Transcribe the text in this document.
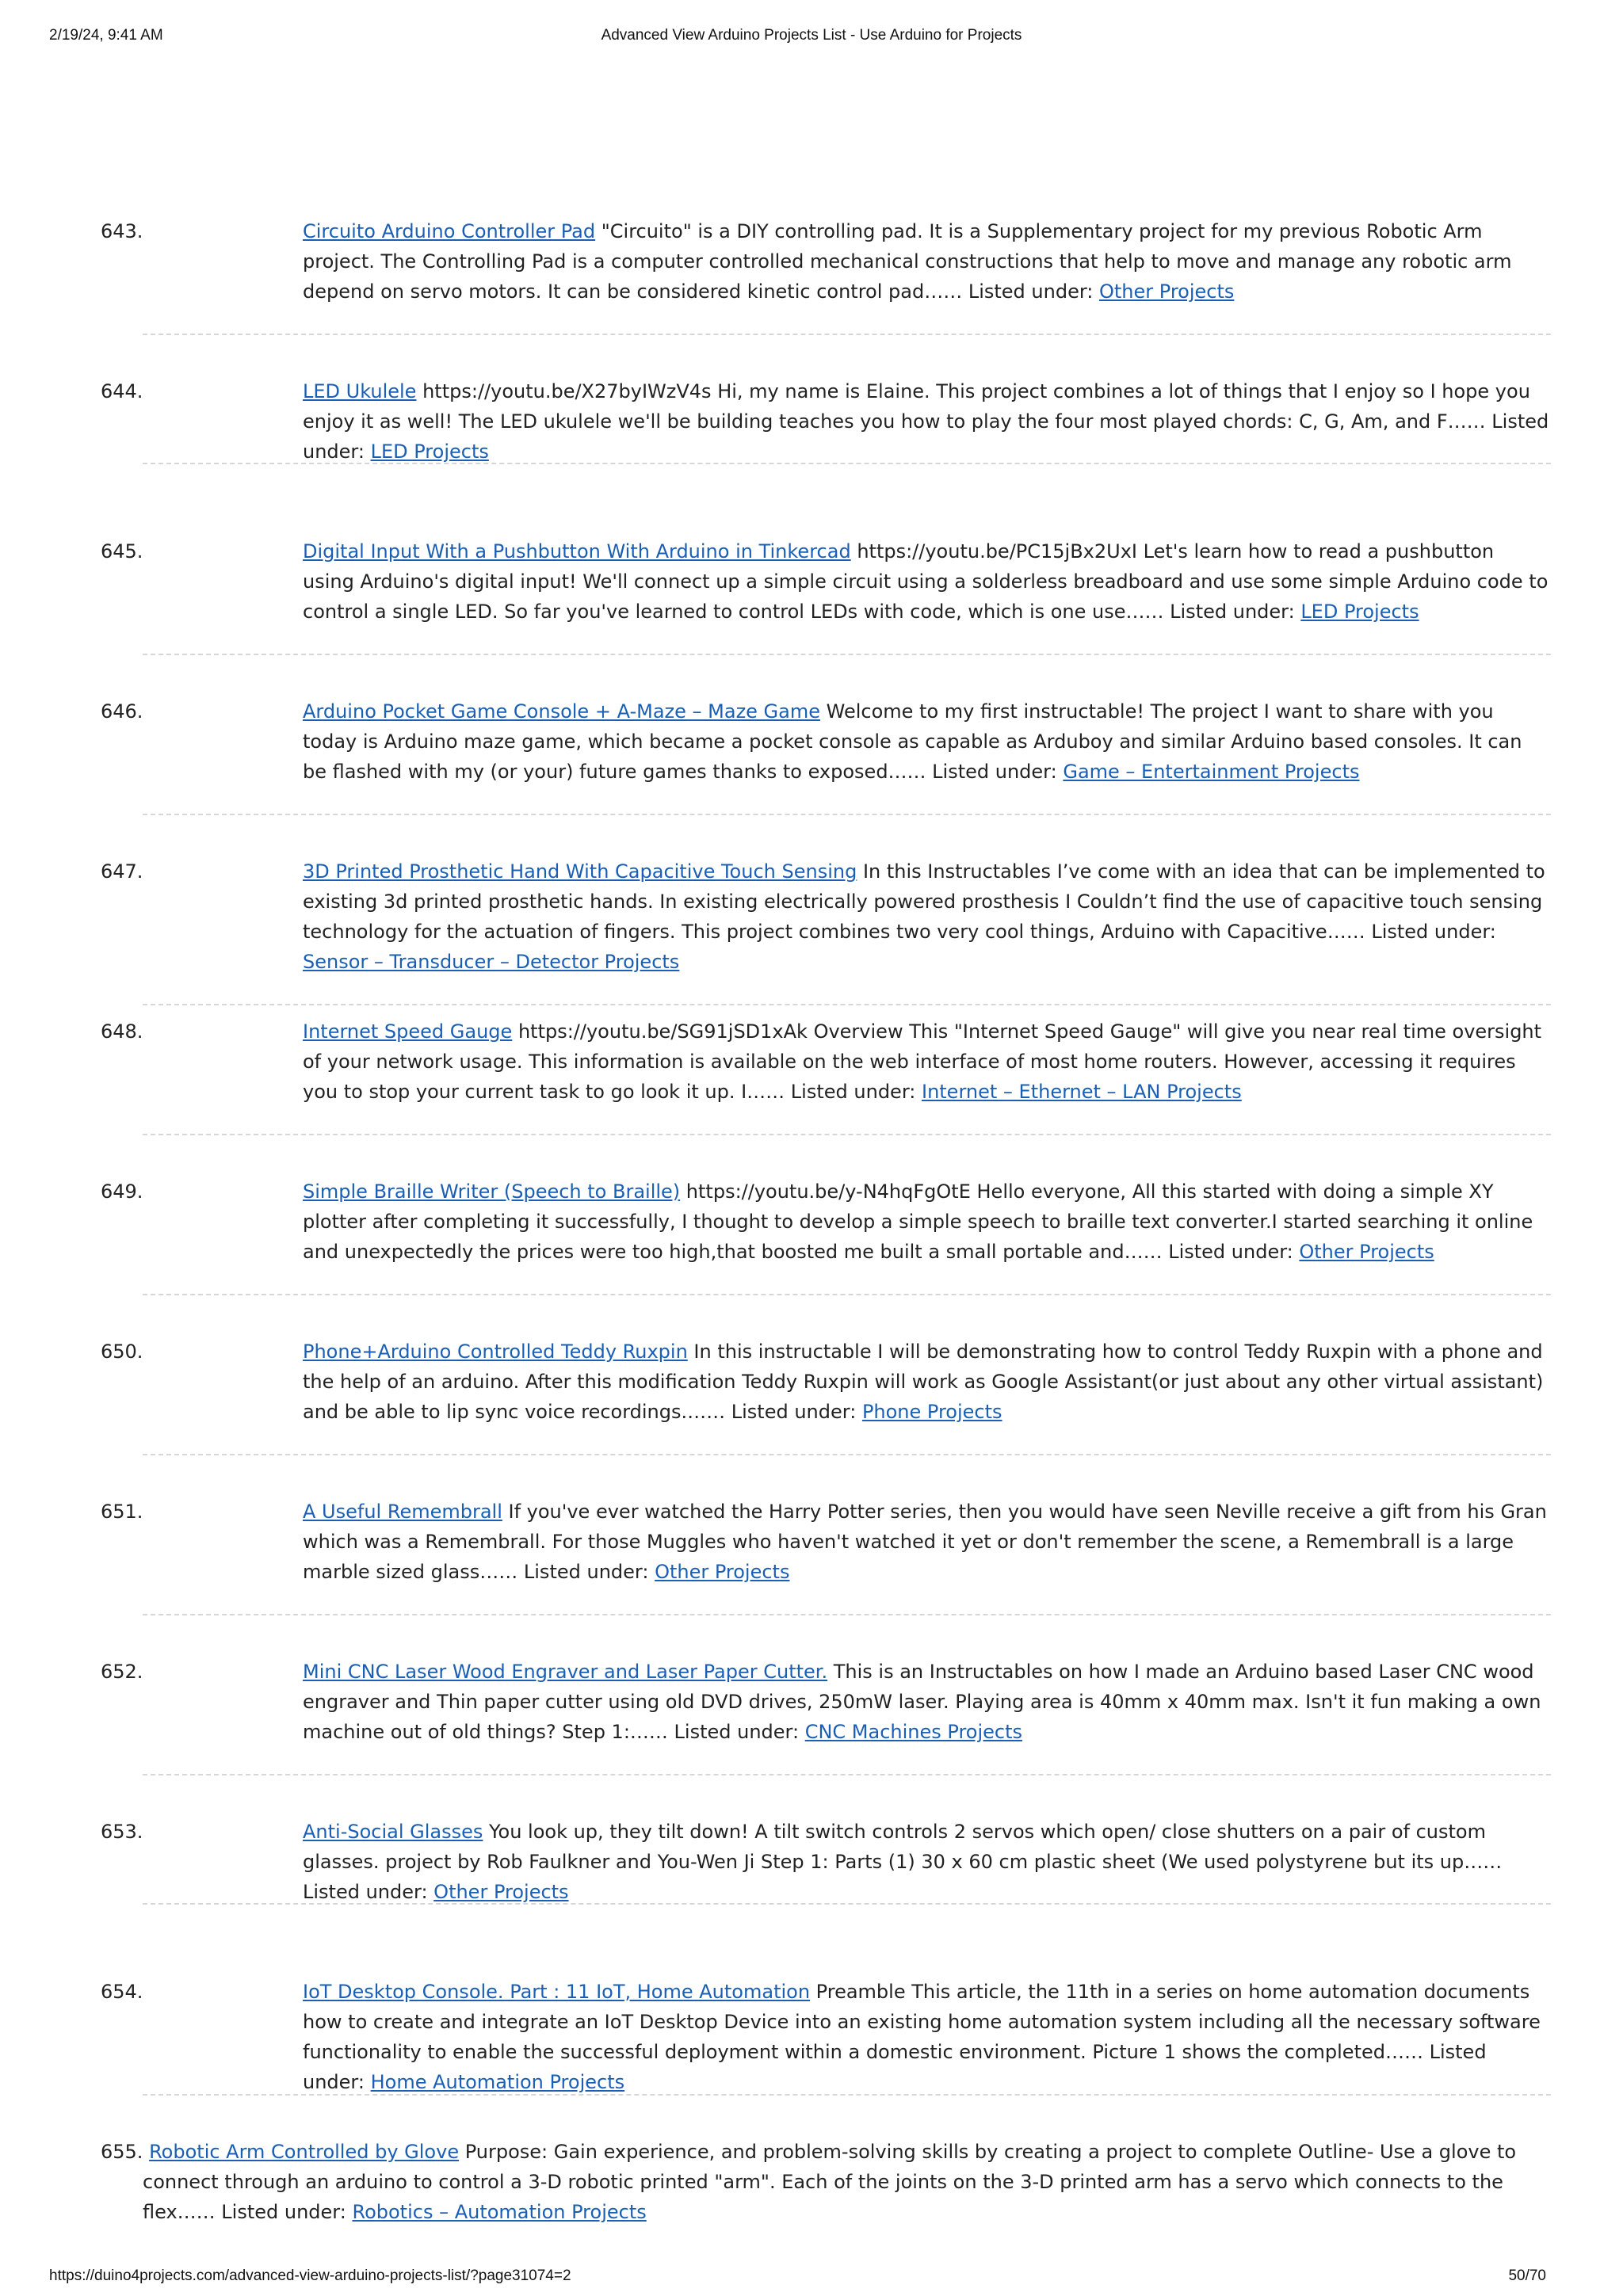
2/19/24, 9:41 AM	Advanced View Arduino Projects List - Use Arduino for Projects
643.	Circuito Arduino Controller Pad "Circuito" is a DIY controlling pad. It is a Supplementary project for my previous Robotic Arm project. The Controlling Pad is a computer controlled mechanical constructions that help to move and manage any robotic arm depend on servo motors. It can be considered kinetic control pad…… Listed under: Other Projects
644.	LED Ukulele https://youtu.be/X27byIWzV4s Hi, my name is Elaine. This project combines a lot of things that I enjoy so I hope you enjoy it as well! The LED ukulele we'll be building teaches you how to play the four most played chords: C, G, Am, and F…… Listed under: LED Projects
645.	Digital Input With a Pushbutton With Arduino in Tinkercad https://youtu.be/PC15jBx2UxI Let's learn how to read a pushbutton using Arduino's digital input! We'll connect up a simple circuit using a solderless breadboard and use some simple Arduino code to control a single LED. So far you've learned to control LEDs with code, which is one use…… Listed under: LED Projects
646.	Arduino Pocket Game Console + A-Maze – Maze Game Welcome to my first instructable! The project I want to share with you today is Arduino maze game, which became a pocket console as capable as Arduboy and similar Arduino based consoles. It can be flashed with my (or your) future games thanks to exposed…… Listed under: Game – Entertainment Projects
647.	3D Printed Prosthetic Hand With Capacitive Touch Sensing In this Instructables I’ve come with an idea that can be implemented to existing 3d printed prosthetic hands. In existing electrically powered prosthesis I Couldn’t find the use of capacitive touch sensing technology for the actuation of fingers. This project combines two very cool things, Arduino with Capacitive…… Listed under: Sensor – Transducer – Detector Projects
648.	Internet Speed Gauge https://youtu.be/SG91jSD1xAk Overview This "Internet Speed Gauge" will give you near real time oversight of your network usage. This information is available on the web interface of most home routers. However, accessing it requires you to stop your current task to go look it up. I…… Listed under: Internet – Ethernet – LAN Projects
649.	Simple Braille Writer (Speech to Braille) https://youtu.be/y-N4hqFgOtE Hello everyone, All this started with doing a simple XY plotter after completing it successfully, I thought to develop a simple speech to braille text converter.I started searching it online and unexpectedly the prices were too high,that boosted me built a small portable and…… Listed under: Other Projects
650.	Phone+Arduino Controlled Teddy Ruxpin In this instructable I will be demonstrating how to control Teddy Ruxpin with a phone and the help of an arduino. After this modification Teddy Ruxpin will work as Google Assistant(or just about any other virtual assistant) and be able to lip sync voice recordings.…… Listed under: Phone Projects
651.	A Useful Remembrall If you've ever watched the Harry Potter series, then you would have seen Neville receive a gift from his Gran which was a Remembrall. For those Muggles who haven't watched it yet or don't remember the scene, a Remembrall is a large marble sized glass…… Listed under: Other Projects
652.	Mini CNC Laser Wood Engraver and Laser Paper Cutter. This is an Instructables on how I made an Arduino based Laser CNC wood engraver and Thin paper cutter using old DVD drives, 250mW laser. Playing area is 40mm x 40mm max. Isn't it fun making a own machine out of old things? Step 1:…… Listed under: CNC Machines Projects
653.	Anti-Social Glasses You look up, they tilt down! A tilt switch controls 2 servos which open/ close shutters on a pair of custom glasses. project by Rob Faulkner and You-Wen Ji Step 1: Parts (1) 30 x 60 cm plastic sheet (We used polystyrene but its up…… Listed under: Other Projects
654.	IoT Desktop Console. Part : 11 IoT, Home Automation Preamble This article, the 11th in a series on home automation documents how to create and integrate an IoT Desktop Device into an existing home automation system including all the necessary software functionality to enable the successful deployment within a domestic environment. Picture 1 shows the completed…… Listed under: Home Automation Projects
655. Robotic Arm Controlled by Glove Purpose: Gain experience, and problem-solving skills by creating a project to complete Outline- Use a glove to connect through an arduino to control a 3-D robotic printed "arm". Each of the joints on the 3-D printed arm has a servo which connects to the flex…… Listed under: Robotics – Automation Projects
https://duino4projects.com/advanced-view-arduino-projects-list/?page31074=2	50/70
